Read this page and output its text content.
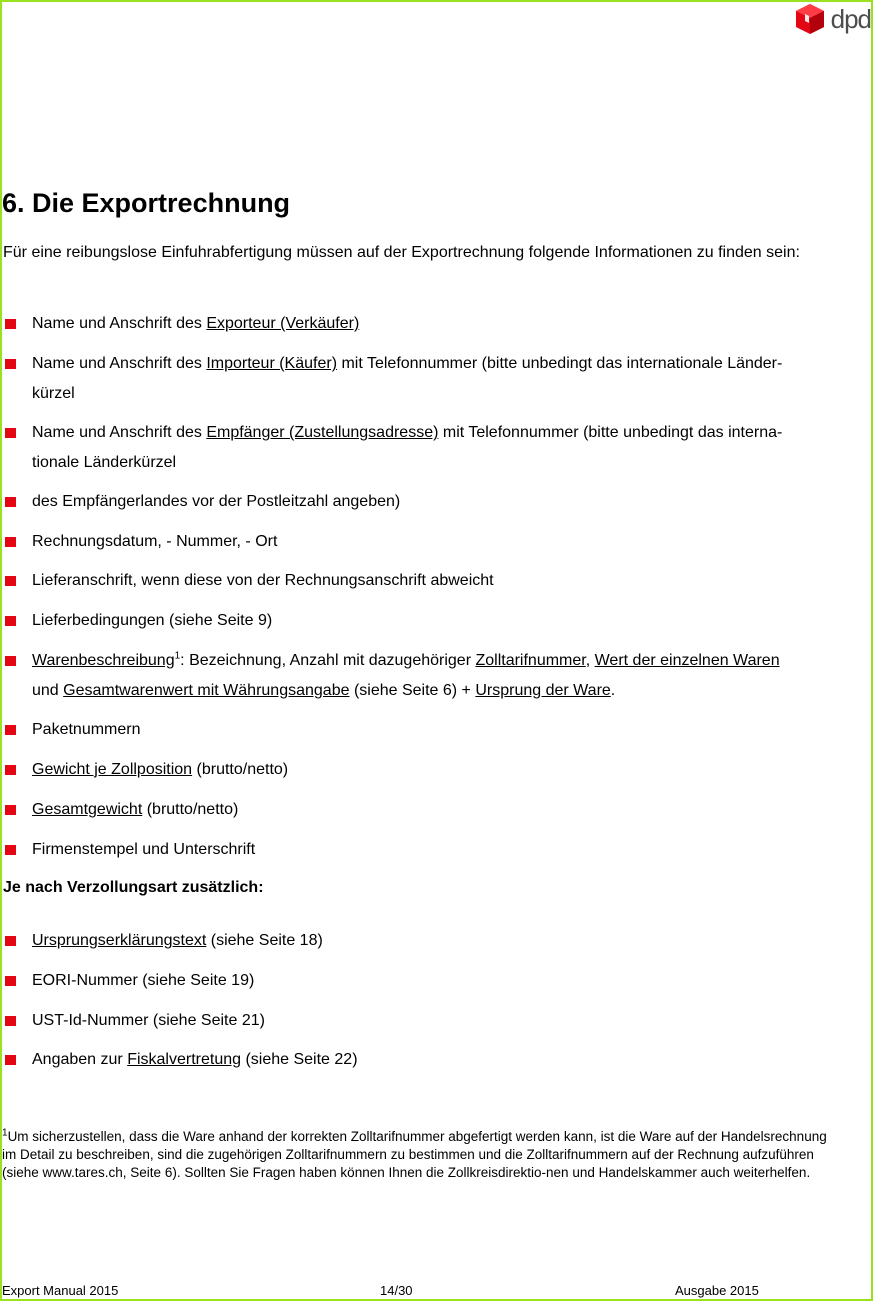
dpd
6. Die Exportrechnung

Für eine reibungslose Einfuhrabfertigung müssen auf der Exportrechnung folgende Informationen zu finden sein:

Name und Anschrift des Exporteur (Verkäufer)
Name und Anschrift des Importeur (Käufer) mit Telefonnummer (bitte unbedingt das internationale Länder-
kürzel
Name und Anschrift des Empfänger (Zustellungsadresse) mit Telefonnummer (bitte unbedingt das interna-
tionale Länderkürzel
des Empfängerlandes vor der Postleitzahl angeben)
Rechnungsdatum, - Nummer, - Ort
Lieferanschrift, wenn diese von der Rechnungsanschrift abweicht
Lieferbedingungen (siehe Seite 9)
Warenbeschreibung$^1$: Bezeichnung, Anzahl mit dazugehöriger Zolltarifnummer, Wert der einzelnen Waren
und Gesamtwarenwert mit Währungsangabe (siehe Seite 6) + Ursprung der Ware.
Paketnummern
Gewicht je Zollposition (brutto/netto)
Gesamtgewicht (brutto/netto)
Firmenstempel und Unterschrift

Je nach Verzollungsart zusätzlich:

Ursprungserklärungstext (siehe Seite 18)
EORI-Nummer (siehe Seite 19)
UST-Id-Nummer (siehe Seite 21)
Angaben zur Fiskalvertretung (siehe Seite 22)

$^1$Um sicherzustellen, dass die Ware anhand der korrekten Zolltarifnummer abgefertigt werden kann, ist die Ware auf der Handelsrechnung im Detail zu beschreiben, sind die zugehörigen Zolltarifnummern zu bestimmen und die Zolltarifnummern auf der Rechnung aufzuführen (siehe www.tares.ch, Seite 6). Sollten Sie Fragen haben können Ihnen die Zollkreisdirektio-nen und Handelskammer auch weiterhelfen.

Export Manual 2015	14/30	Ausgabe 2015
